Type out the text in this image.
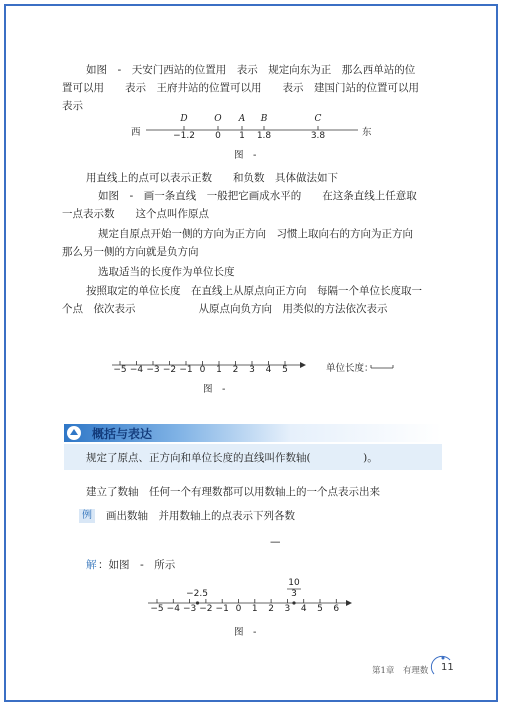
如图　-　天安门西站的位置用　表示　规定向东为正　那么西单站的位
置可以用　　表示　王府井站的位置可以用　　表示　建国门站的位置可以用
表示
西	东
D	O A B	C
−1.2 0 1 1.8	3.8
图　-
用直线上的点可以表示正数　　和负数　具体做法如下
如图　-　画一条直线　一般把它画成水平的　　在这条直线上任意取
一点表示数　　这个点叫作原点
规定自原点开始一侧的方向为正方向　习惯上取向右的方向为正方向
那么另一侧的方向就是负方向
选取适当的长度作为单位长度
按照取定的单位长度　在直线上从原点向正方向　每隔一个单位长度取一
个点　依次表示　　　　　　从原点向负方向　用类似的方法依次表示
−5 −4 −3 −2 −1 0 1 2 3 4 5	单位长度：
图　-
概括与表达
规定了原点、正方向和单位长度的直线叫作数轴(　　　　　)。
建立了数轴　任何一个有理数都可以用数轴上的一个点表示出来
例 画出数轴　并用数轴上的点表示下列各数
—
解 ：如图　-　所示
−5 −4 −3 −2 −1 0 1 2 3 4 5 6
−2.5
10
3
图　-
第1章　有理数 11
